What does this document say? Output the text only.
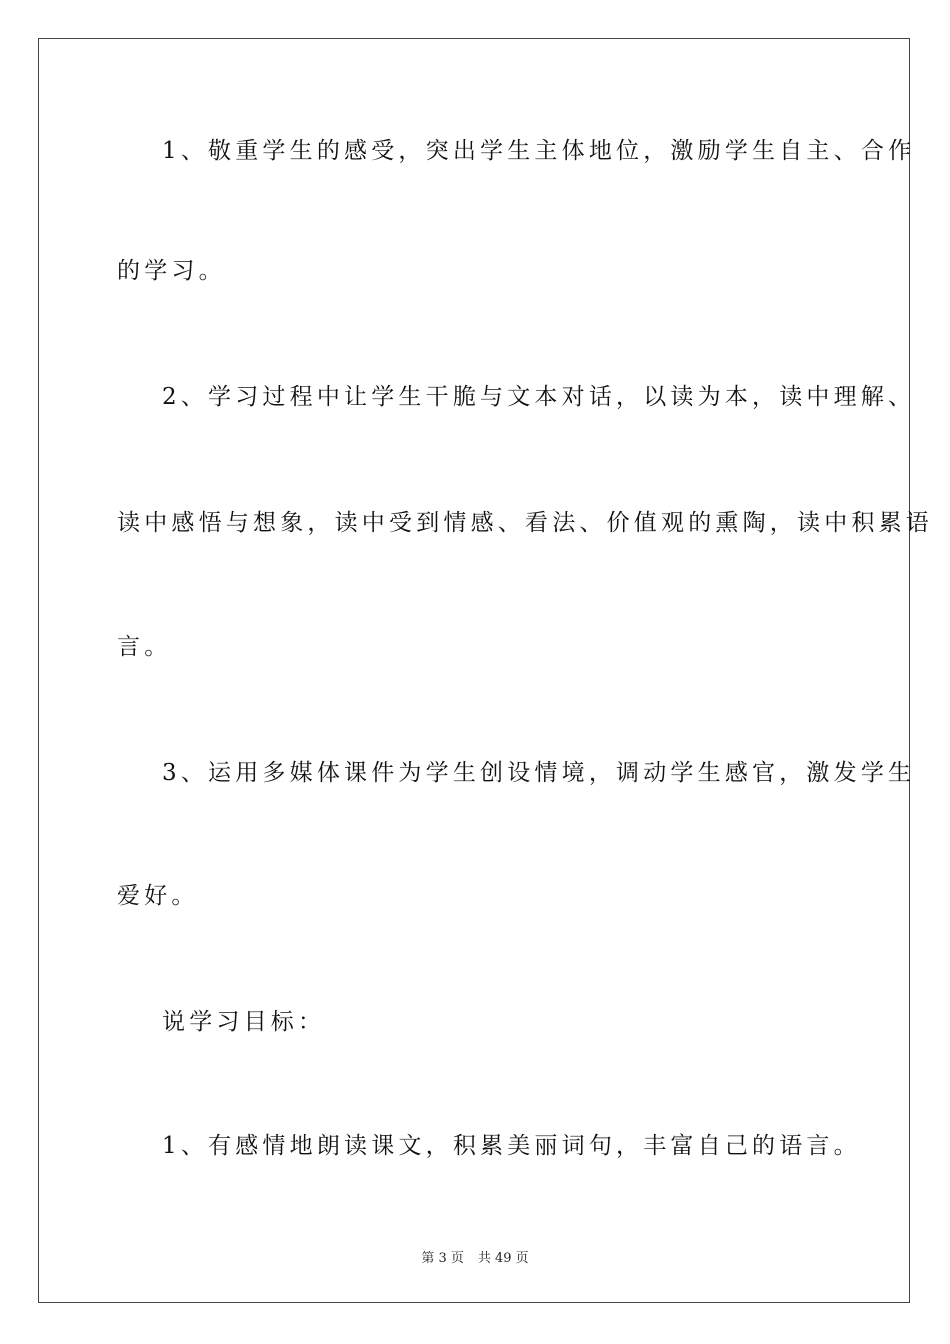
1、敬重学生的感受，突出学生主体地位，激励学生自主、合作
的学习。
2、学习过程中让学生干脆与文本对话，以读为本，读中理解、
读中感悟与想象，读中受到情感、看法、价值观的熏陶，读中积累语
言。
3、运用多媒体课件为学生创设情境，调动学生感官，激发学生
爱好。
说学习目标：
1、有感情地朗读课文，积累美丽词句，丰富自己的语言。
第 3 页 共 49 页
